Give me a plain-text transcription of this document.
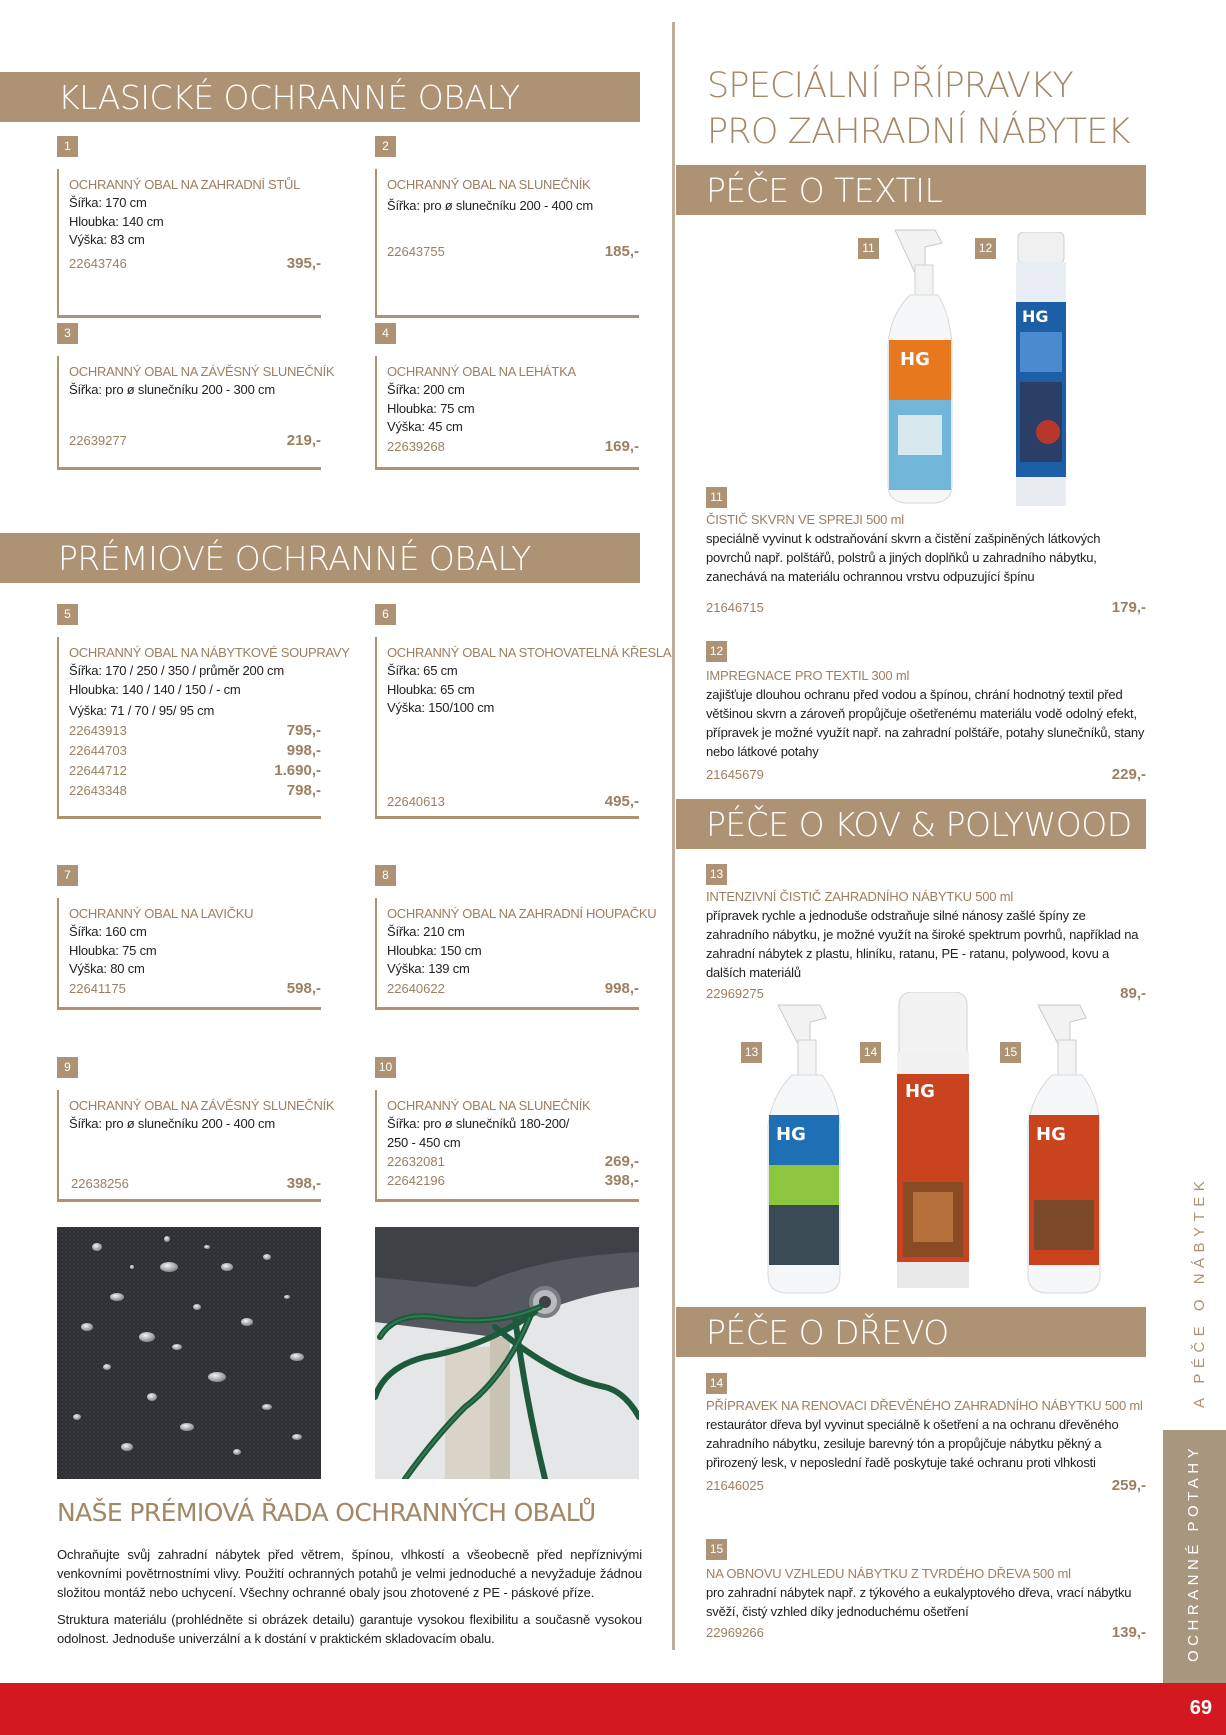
KLASICKÉ OCHRANNÉ OBALY
PRÉMIOVÉ OCHRANNÉ OBALY
1
OCHRANNÝ OBAL NA ZAHRADNÍ STŮL
Šířka: 170 cm
Hloubka: 140 cm
Výška: 83 cm
22643746	395,-
2
OCHRANNÝ OBAL NA SLUNEČNÍK
Šířka: pro ø slunečníku 200 - 400 cm
22643755	185,-
3
OCHRANNÝ OBAL NA ZÁVĚSNÝ SLUNEČNÍK
Šířka: pro ø slunečníku 200 - 300 cm
22639277	219,-
4
OCHRANNÝ OBAL NA LEHÁTKA
Šířka: 200 cm
Hloubka: 75 cm
Výška: 45 cm
22639268	169,-
5
OCHRANNÝ OBAL NA NÁBYTKOVÉ SOUPRAVY
Šířka: 170 / 250 / 350 / průměr 200 cm
Hloubka: 140 / 140 / 150 / - cm
Výška: 71 / 70 / 95/ 95 cm
22643913	795,-
22644703	998,-
22644712	1.690,-
22643348	798,-
6
OCHRANNÝ OBAL NA STOHOVATELNÁ KŘESLA
Šířka: 65 cm
Hloubka: 65 cm
Výška: 150/100 cm
22640613	495,-
7
OCHRANNÝ OBAL NA LAVIČKU
Šířka: 160 cm
Hloubka: 75 cm
Výška: 80 cm
22641175	598,-
8
OCHRANNÝ OBAL NA ZAHRADNÍ HOUPAČKU
Šířka: 210 cm
Hloubka: 150 cm
Výška: 139 cm
22640622	998,-
9
OCHRANNÝ OBAL NA ZÁVĚSNÝ SLUNEČNÍK
Šířka: pro ø slunečníku 200 - 400 cm
22638256	398,-
10
OCHRANNÝ OBAL NA SLUNEČNÍK
Šířka: pro ø slunečníků 180-200/
250 - 450 cm
22632081	269,-
22642196	398,-
NAŠE PRÉMIOVÁ ŘADA OCHRANNÝCH OBALŮ
Ochraňujte svůj zahradní nábytek před větrem, špínou, vlhkostí a všeobecně před nepříznivými venkovními povětrnostními vlivy. Použití ochranných potahů je velmi jednoduché a nevyžaduje žádnou složitou montáž nebo uchycení. Všechny ochranné obaly jsou zhotovené z PE - páskové příze.
Struktura materiálu (prohlédněte si obrázek detailu) garantuje vysokou flexibilitu a současně vysokou odolnost. Jednoduše univerzální a k dostání v praktickém skladovacím obalu.
SPECIÁLNÍ PŘÍPRAVKY
PRO ZAHRADNÍ NÁBYTEK
PÉČE O TEXTIL
11	12
HG
HG
11
ČISTIČ SKVRN VE SPREJI 500 ml
speciálně vyvinut k odstraňování skvrn a čistění zašpiněných látkových povrchů např. polštářů, polstrů a jiných doplňků u zahradního nábytku, zanechává na materiálu ochrannou vrstvu odpuzující špínu
21646715	179,-
12
IMPREGNACE PRO TEXTIL 300 ml
zajišťuje dlouhou ochranu před vodou a špínou, chrání hodnotný textil před většinou skvrn a zároveň propůjčuje ošetřenému materiálu vodě odolný efekt, přípravek je možné využít např. na zahradní polštáře, potahy slunečníků, stany nebo látkové potahy
21645679	229,-
PÉČE O KOV & POLYWOOD
13
INTENZIVNÍ ČISTIČ ZAHRADNÍHO NÁBYTKU 500 ml
přípravek rychle a jednoduše odstraňuje silné nánosy zašlé špíny ze zahradního nábytku, je možné využít na široké spektrum povrhů, například na zahradní nábytek z plastu, hliníku, ratanu, PE - ratanu, polywood, kovu a dalších materiálů
22969275	89,-
13	14	15
HG
HG
HG
PÉČE O DŘEVO
14
PŘÍPRAVEK NA RENOVACI DŘEVĚNÉHO ZAHRADNÍHO NÁBYTKU 500 ml
restaurátor dřeva byl vyvinut speciálně k ošetření a na ochranu dřevěného zahradního nábytku, zesiluje barevný tón a propůjčuje nábytku pěkný a přirozený lesk, v neposlední řadě poskytuje také ochranu proti vlhkosti
21646025	259,-
15
NA OBNOVU VZHLEDU NÁBYTKU Z TVRDÉHO DŘEVA 500 ml
pro zahradní nábytek např. z týkového a eukalyptového dřeva, vrací nábytku svěží, čistý vzhled díky jednoduchému ošetření
22969266	139,-
A PÉČE O NÁBYTEK
OCHRANNÉ POTAHY
69
